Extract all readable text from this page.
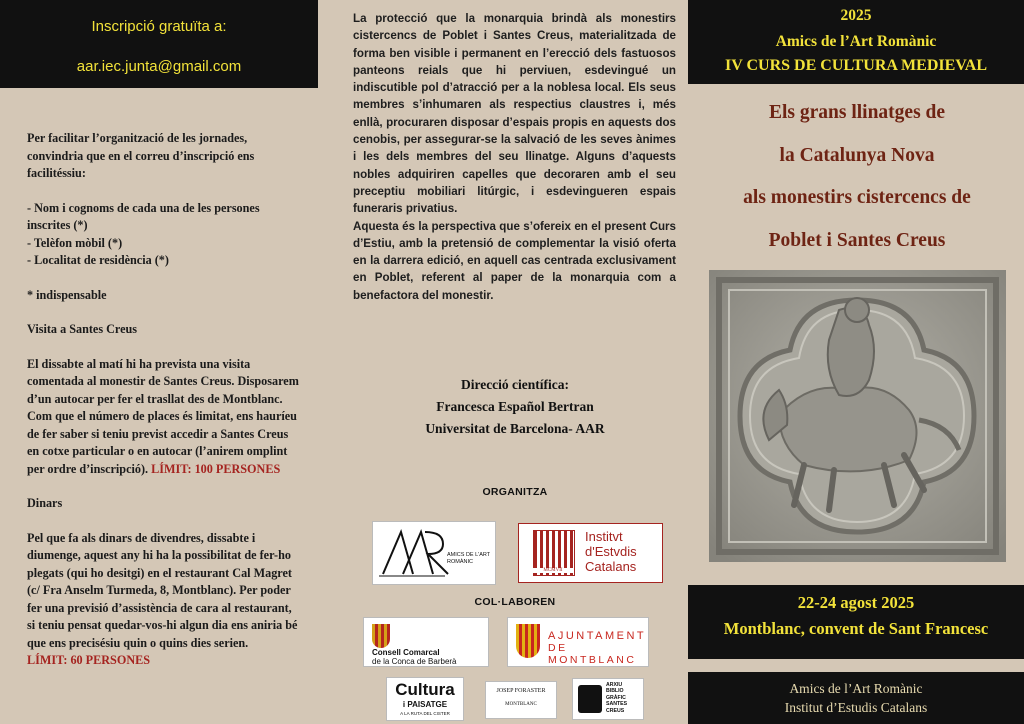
Inscripció gratuïta a:
aar.iec.junta@gmail.com

Per facilitar l’organització de les jornades, convindria que en el correu d’inscripció ens facilitéssiu:

- Nom i cognoms de cada una de les persones inscrites (*)

- Telèfon mòbil (*)

- Localitat de residència (*)

* indispensable

Visita a Santes Creus

El dissabte al matí hi ha prevista una visita comentada al monestir de Santes Creus. Disposarem d’un autocar per fer el trasllat des de Montblanc. Com que el número de places és limitat, ens hauríeu de fer saber si teniu previst accedir a Santes Creus en cotxe particular o en autocar (l’anirem omplint per ordre d’inscripció). LÍMIT: 100 PERSONES

Dinars

Pel que fa als dinars de divendres, dissabte i diumenge, aquest any hi ha la possibilitat de fer-ho plegats (qui ho desitgi) en el restaurant Cal Magret (c/ Fra Anselm Turmeda, 8, Montblanc). Per poder fer una previsió d’assistència de cara al restaurant, si teniu pensat quedar-vos-hi algun dia ens aniria bé que ens precisésiu quin o quins dies serien.

LÍMIT: 60 PERSONES

La protecció que la monarquia brindà als monestirs cistercencs de Poblet i Santes Creus, materialitzada de forma ben visible i permanent en l’erecció dels fastuosos panteons reials que hi perviuen, esdevingué un indiscutible pol d’atracció per a la noblesa local. Els seus membres s’inhumaren als respectius claustres i, més enllà, procuraren disposar d’espais propis en aquests dos cenobis, per assegurar-se la salvació de les seves ànimes i les dels membres del seu llinatge. Alguns d’aquests nobles adquiriren capelles que decoraren amb el seu preceptiu mobiliari litúrgic, i esdevingueren espais funeraris privatius.

Aquesta és la perspectiva que s’ofereix en el present Curs d’Estiu, amb la pretensió de complementar la visió oferta en la darrera edició, en aquell cas centrada exclusivament en Poblet, referent al paper de la monarquia com a benefactora del monestir.

Direcció científica:
Francesca Español Bertran
Universitat de Barcelona- AAR
ORGANITZA
AMICS DE L'ART ROMÀNIC
MCMVII
Institvt
d'Estvdis
Catalans
COL·LABOREN
Consell Comarcal
de la Conca de Barberà
AJUNTAMENT
DE MONTBLANC
Cultura
i PAISATGE
A LA RUTA DEL CISTER
JOSEP FORASTER
MONTBLANC
ARXIU
BIBLIO
GRÀFIC
SANTES
CREUS
2025
Amics de l’Art Romànic
IV CURS DE CULTURA MEDIEVAL
Els grans llinatges de
la Catalunya Nova
als monestirs cistercencs de
Poblet i Santes Creus
22-24 agost 2025
Montblanc, convent de Sant Francesc
Amics de l’Art Romànic
Institut d’Estudis Catalans
